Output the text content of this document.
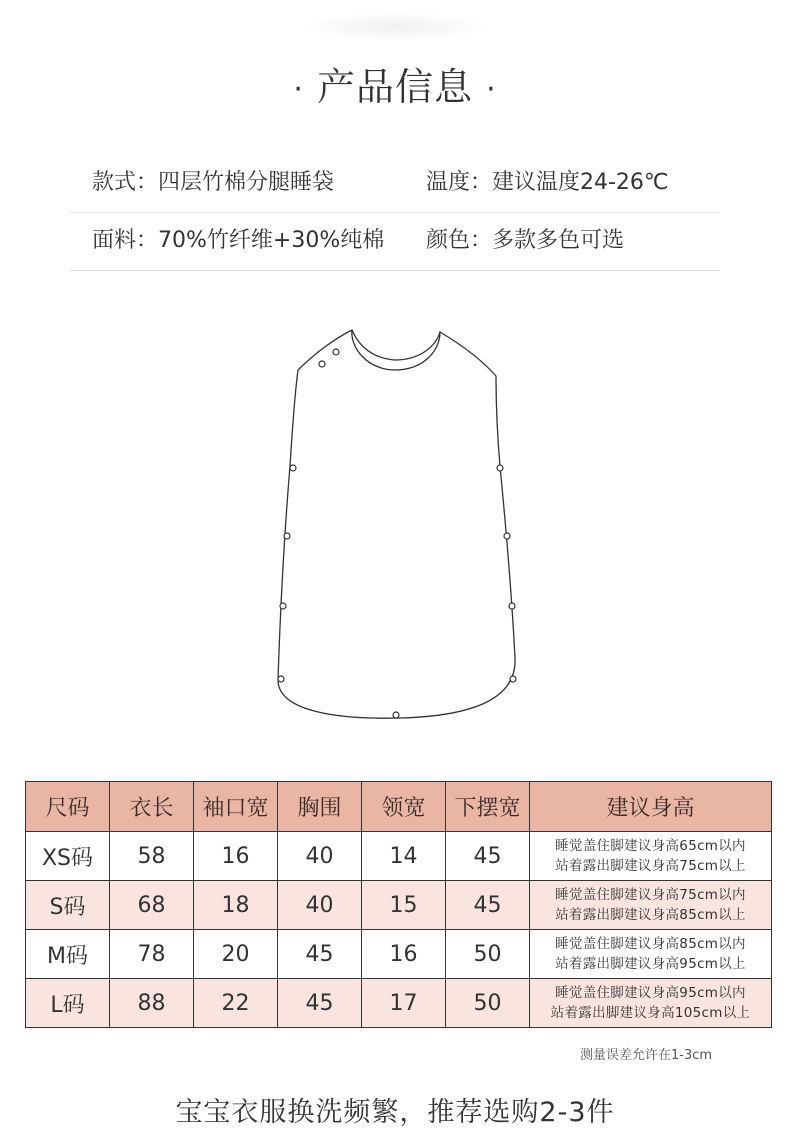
· 产品信息 ·
款式：四层竹棉分腿睡袋	温度：建议温度24-26℃
面料：70%竹纤维+30%纯棉 颜色：多款多色可选
尺码	衣长	袖口宽	胸围	领宽	下摆宽	建议身高
XS码	58	16	40	14	45	睡觉盖住脚建议身高65cm以内
站着露出脚建议身高75cm以上

S码	68	18	40	15	45	睡觉盖住脚建议身高75cm以内
站着露出脚建议身高85cm以上

M码	78	20	45	16	50	睡觉盖住脚建议身高85cm以内
站着露出脚建议身高95cm以上

L码	88	22	45	17	50	睡觉盖住脚建议身高95cm以内
站着露出脚建议身高105cm以上
测量误差允许在1-3cm
宝宝衣服换洗频繁，推荐选购2-3件
